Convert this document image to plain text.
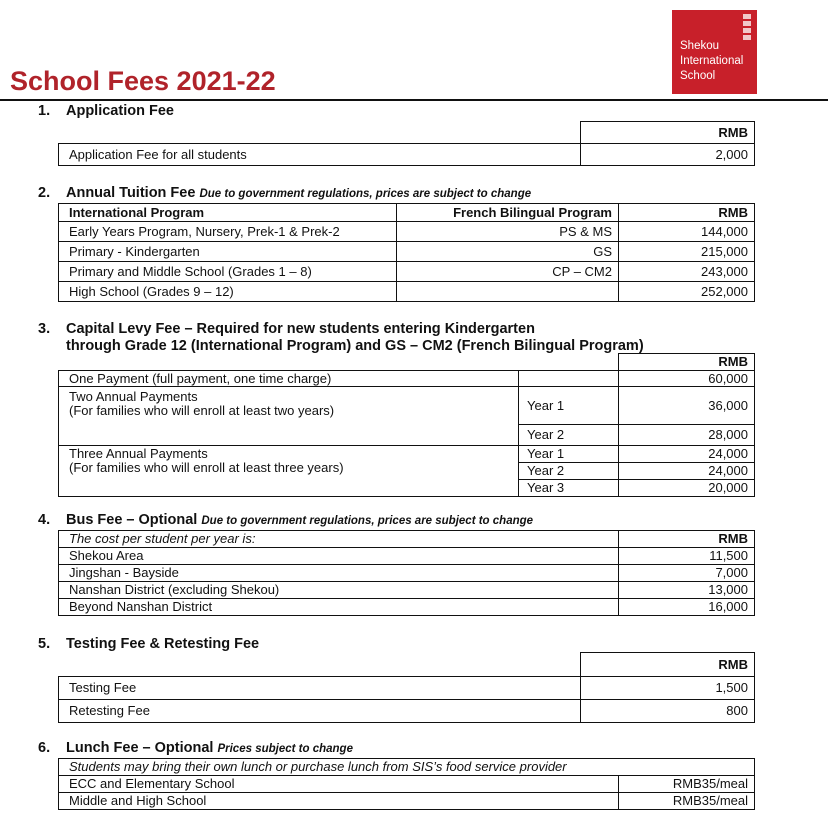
Shekou
International
School
School Fees 2021-22
1. Application Fee
	RMB
Application Fee for all students	2,000
2. Annual Tuition Fee Due to government regulations, prices are subject to change
International Program	French Bilingual Program	RMB
Early Years Program, Nursery, Prek-1 & Prek-2	PS & MS	144,000
Primary - Kindergarten	GS	215,000
Primary and Middle School (Grades 1 – 8)	CP – CM2	243,000
High School (Grades 9 – 12)		252,000
3. Capital Levy Fee – Required for new students entering Kindergarten
through Grade 12 (International Program) and GS – CM2 (French Bilingual Program)
		RMB
One Payment (full payment, one time charge)		60,000

Two Annual Payments
(For families who will enroll at least two years)	Year 1	36,000
	Year 2	28,000

Three Annual Payments
(For families who will enroll at least three years)	Year 1	24,000
	Year 2	24,000
	Year 3	20,000
4. Bus Fee – Optional Due to government regulations, prices are subject to change
The cost per student per year is:	RMB
Shekou Area	11,500
Jingshan - Bayside	7,000
Nanshan District (excluding Shekou)	13,000
Beyond Nanshan District	16,000
5. Testing Fee & Retesting Fee
	RMB
Testing Fee	1,500
Retesting Fee	800
6. Lunch Fee – Optional Prices subject to change
Students may bring their own lunch or purchase lunch from SIS’s food service provider	
ECC and Elementary School	RMB35/meal
Middle and High School	RMB35/meal
